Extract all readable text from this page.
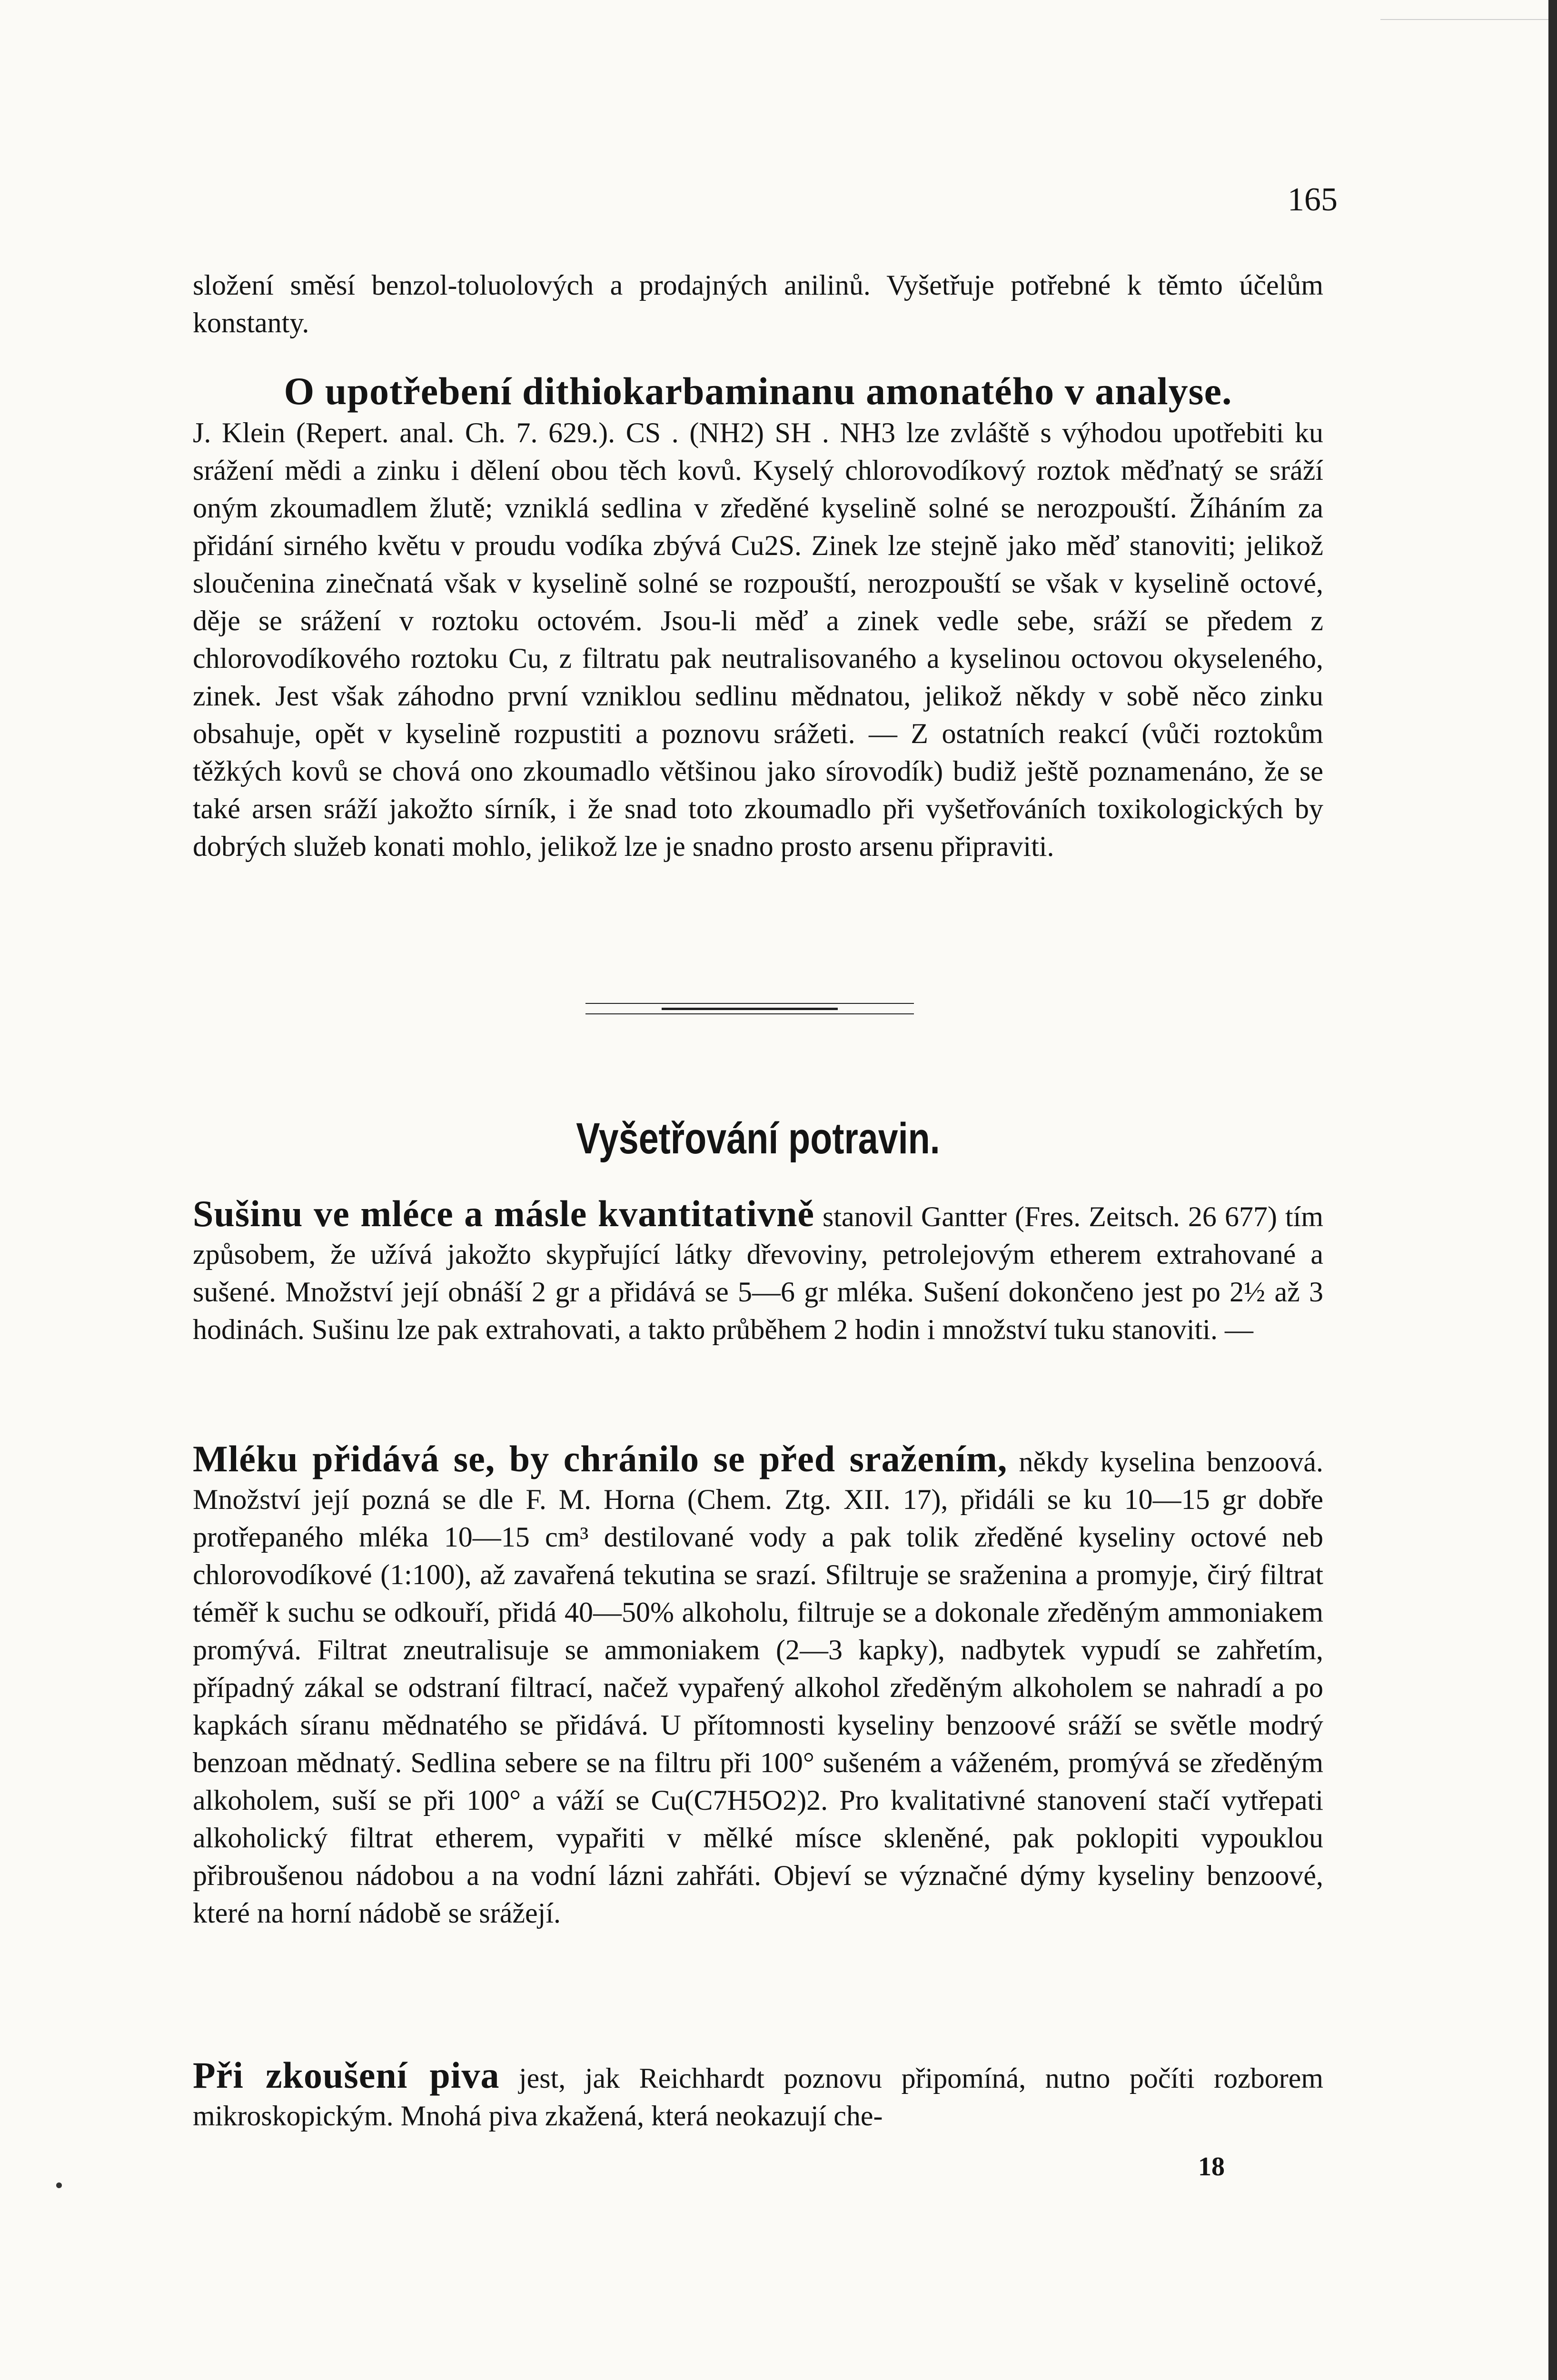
165

složení směsí benzol-toluolových a prodajných anilinů. Vyšetřuje potřebné k těmto účelům konstanty.

O upotřebení dithiokarbaminanu amonatého v analyse.

J. Klein (Repert. anal. Ch. 7. 629.). CS . (NH2) SH . NH3 lze zvláště s výhodou upotřebiti ku srážení mědi a zinku i dělení obou těch kovů. Kyselý chlorovodíkový roztok měďnatý se sráží oným zkoumadlem žlutě; vzniklá sedlina v zředěné kyselině solné se nerozpouští. Žíháním za přidání sirného květu v proudu vodíka zbývá Cu2S. Zinek lze stejně jako měď stanoviti; jelikož sloučenina zinečnatá však v kyselině solné se rozpouští, nerozpouští se však v kyselině octové, děje se srážení v roztoku octovém. Jsou-li měď a zinek vedle sebe, sráží se předem z chlorovodíkového roztoku Cu, z filtratu pak neutralisovaného a kyselinou octovou okyseleného, zinek. Jest však záhodno první vzniklou sedlinu mědnatou, jelikož někdy v sobě něco zinku obsahuje, opět v kyselině rozpustiti a poznovu srážeti. — Z ostatních reakcí (vůči roztokům těžkých kovů se chová ono zkoumadlo většinou jako sírovodík) budiž ještě poznamenáno, že se také arsen sráží jakožto sírník, i že snad toto zkoumadlo při vyšetřováních toxikologických by dobrých služeb konati mohlo, jelikož lze je snadno prosto arsenu připraviti.

Vyšetřování potravin.

Sušinu ve mléce a másle kvantitativně stanovil Gantter (Fres. Zeitsch. 26 677) tím způsobem, že užívá jakožto skypřující látky dřevoviny, petrolejovým etherem extrahované a sušené. Množství její obnáší 2 gr a přidává se 5—6 gr mléka. Sušení dokončeno jest po 2½ až 3 hodinách. Sušinu lze pak extrahovati, a takto průběhem 2 hodin i množství tuku stanoviti. —

Mléku přidává se, by chránilo se před sražením, někdy kyselina benzoová. Množství její pozná se dle F. M. Horna (Chem. Ztg. XII. 17), přidáli se ku 10—15 gr dobře protřepaného mléka 10—15 cm³ destilované vody a pak tolik zředěné kyseliny octové neb chlorovodíkové (1:100), až zavařená tekutina se srazí. Sfiltruje se sraženina a promyje, čirý filtrat téměř k suchu se odkouří, přidá 40—50% alkoholu, filtruje se a dokonale zředěným ammoniakem promývá. Filtrat zneutralisuje se ammoniakem (2—3 kapky), nadbytek vypudí se zahřetím, případný zákal se odstraní filtrací, načež vypařený alkohol zředěným alkoholem se nahradí a po kapkách síranu mědnatého se přidává. U přítomnosti kyseliny benzoové sráží se světle modrý benzoan mědnatý. Sedlina sebere se na filtru při 100° sušeném a váženém, promývá se zředěným alkoholem, suší se při 100° a váží se Cu(C7H5O2)2. Pro kvalitativné stanovení stačí vytřepati alkoholický filtrat etherem, vypařiti v mělké mísce skleněné, pak poklopiti vypouklou přibroušenou nádobou a na vodní lázni zahřáti. Objeví se význačné dýmy kyseliny benzoové, které na horní nádobě se srážejí.

Při zkoušení piva jest, jak Reichhardt poznovu připomíná, nutno počíti rozborem mikroskopickým. Mnohá piva zkažená, která neokazují che-

18
